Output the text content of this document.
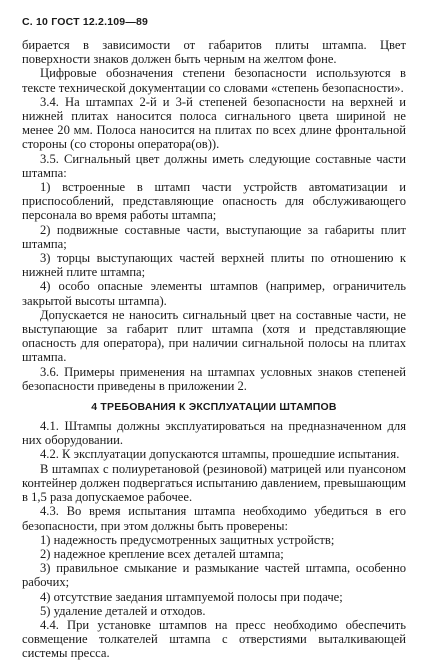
С. 10 ГОСТ 12.2.109—89

бирается в зависимости от габаритов плиты штампа. Цвет поверхности знаков должен быть черным на желтом фоне.

Цифровые обозначения степени безопасности используются в тексте технической документации со словами «степень безопасности».

3.4. На штампах 2-й и 3-й степеней безопасности на верхней и нижней плитах наносится полоса сигнального цвета шириной не менее 20 мм. Полоса наносится на плитах по всех длине фронтальной стороны (со стороны оператора(ов)).

3.5. Сигнальный цвет должны иметь следующие составные части штампа:

1) встроенные в штамп части устройств автоматизации и приспособлений, представляющие опасность для обслуживающего персонала во время работы штампа;

2) подвижные составные части, выступающие за габариты плит штампа;

3) торцы выступающих частей верхней плиты по отношению к нижней плите штампа;

4) особо опасные элементы штампов (например, ограничитель закрытой высоты штампа).

Допускается не наносить сигнальный цвет на составные части, не выступающие за габарит плит штампа (хотя и представляющие опасность для оператора), при наличии сигнальной полосы на плитах штампа.

3.6. Примеры применения на штампах условных знаков степеней безопасности приведены в приложении 2.

4 ТРЕБОВАНИЯ К ЭКСПЛУАТАЦИИ ШТАМПОВ

4.1. Штампы должны эксплуатироваться на предназначенном для них оборудовании.

4.2. К эксплуатации допускаются штампы, прошедшие испытания.

В штампах с полиуретановой (резиновой) матрицей или пуансоном контейнер должен подвергаться испытанию давлением, превышающим в 1,5 раза допускаемое рабочее.

4.3. Во время испытания штампа необходимо убедиться в его безопасности, при этом должны быть проверены:

1) надежность предусмотренных защитных устройств;

2) надежное крепление всех деталей штампа;

3) правильное смыкание и размыкание частей штампа, особенно рабочих;

4) отсутствие заедания штампуемой полосы при подаче;

5) удаление деталей и отходов.

4.4. При установке штампов на пресс необходимо обеспечить совмещение толкателей штампа с отверстиями выталкивающей системы пресса.
